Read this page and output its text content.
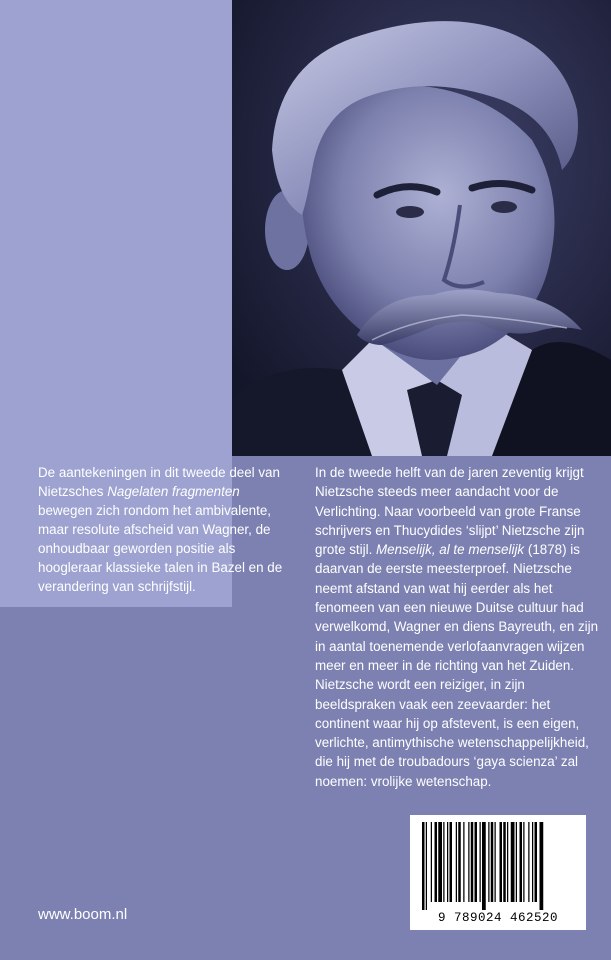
De aantekeningen in dit tweede deel van Nietzsches Nagelaten fragmenten bewegen zich rondom het ambivalente, maar resolute afscheid van Wagner, de onhoudbaar geworden positie als hoogleraar klassieke talen in Bazel en de verandering van schrijfstijl.

In de tweede helft van de jaren zeventig krijgt Nietzsche steeds meer aandacht voor de Verlichting. Naar voorbeeld van grote Franse schrijvers en Thucydides ‘slijpt’ Nietzsche zijn grote stijl. Menselijk, al te menselijk (1878) is daarvan de eerste meesterproef. Nietzsche neemt afstand van wat hij eerder als het fenomeen van een nieuwe Duitse cultuur had verwelkomd, Wagner en diens Bayreuth, en zijn in aantal toenemende verlofaanvragen wijzen meer en meer in de richting van het Zuiden. Nietzsche wordt een reiziger, in zijn beeldspraken vaak een zeevaarder: het continent waar hij op afstevent, is een eigen, verlichte, antimythische wetenschappelijkheid, die hij met de troubadours ‘gaya scienza’ zal noemen: vrolijke wetenschap.

www.boom.nl	9 789024 462520
